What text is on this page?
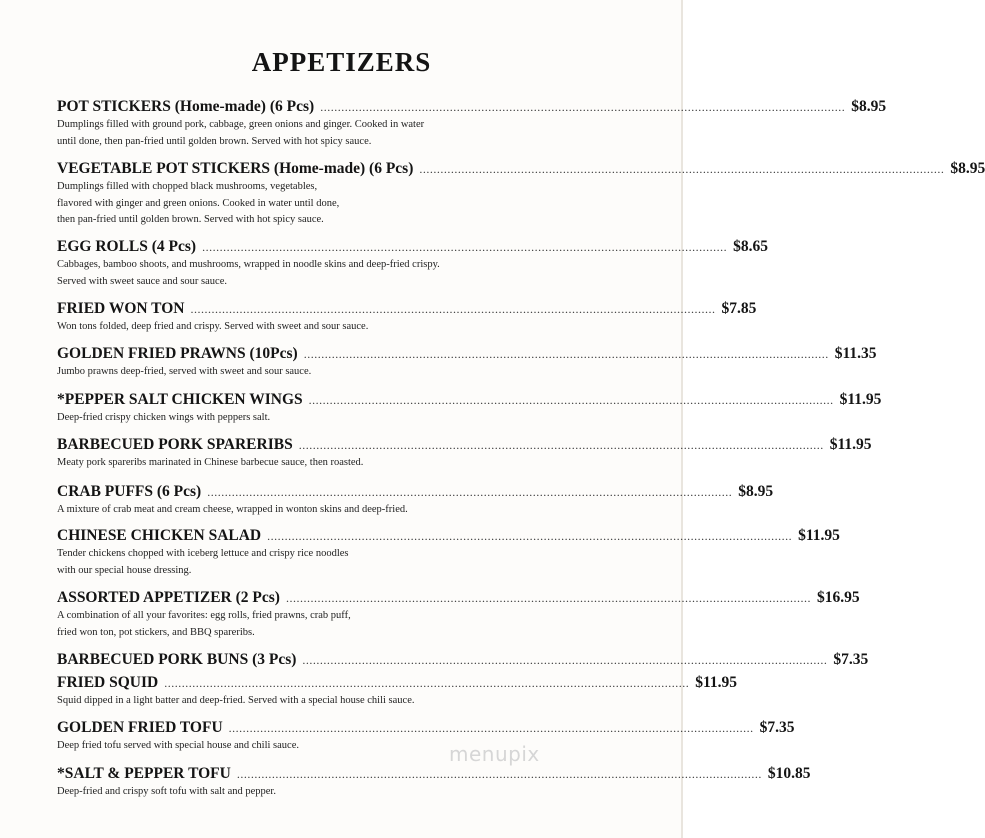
APPETIZERS
POT STICKERS (Home-made) (6 Pcs) ...................................................................................................................................................... $8.95
Dumplings filled with ground pork, cabbage, green onions and ginger. Cooked in water
until done, then pan-fried until golden brown. Served with hot spicy sauce.
VEGETABLE POT STICKERS (Home-made) (6 Pcs) ...................................................................................................................................................... $8.95
Dumplings filled with chopped black mushrooms, vegetables,
flavored with ginger and green onions. Cooked in water until done,
then pan-fried until golden brown. Served with hot spicy sauce.
EGG ROLLS (4 Pcs) ...................................................................................................................................................... $8.65
Cabbages, bamboo shoots, and mushrooms, wrapped in noodle skins and deep-fried crispy.
Served with sweet sauce and sour sauce.
FRIED WON TON ...................................................................................................................................................... $7.85
Won tons folded, deep fried and crispy. Served with sweet and sour sauce.
GOLDEN FRIED PRAWNS (10Pcs) ...................................................................................................................................................... $11.35
Jumbo prawns deep-fried, served with sweet and sour sauce.
*PEPPER SALT CHICKEN WINGS ...................................................................................................................................................... $11.95
Deep-fried crispy chicken wings with peppers salt.
BARBECUED PORK SPARERIBS ...................................................................................................................................................... $11.95
Meaty pork spareribs marinated in Chinese barbecue sauce, then roasted.
CRAB PUFFS (6 Pcs) ...................................................................................................................................................... $8.95
A mixture of crab meat and cream cheese, wrapped in wonton skins and deep-fried.
CHINESE CHICKEN SALAD ...................................................................................................................................................... $11.95
Tender chickens chopped with iceberg lettuce and crispy rice noodles
with our special house dressing.
ASSORTED APPETIZER (2 Pcs) ...................................................................................................................................................... $16.95
A combination of all your favorites: egg rolls, fried prawns, crab puff,
fried won ton, pot stickers, and BBQ spareribs.
BARBECUED PORK BUNS (3 Pcs) ...................................................................................................................................................... $7.35
FRIED SQUID ...................................................................................................................................................... $11.95
Squid dipped in a light batter and deep-fried. Served with a special house chili sauce.
GOLDEN FRIED TOFU ...................................................................................................................................................... $7.35
Deep fried tofu served with special house and chili sauce.
*SALT & PEPPER TOFU ...................................................................................................................................................... $10.85
Deep-fried and crispy soft tofu with salt and pepper.
menupix
